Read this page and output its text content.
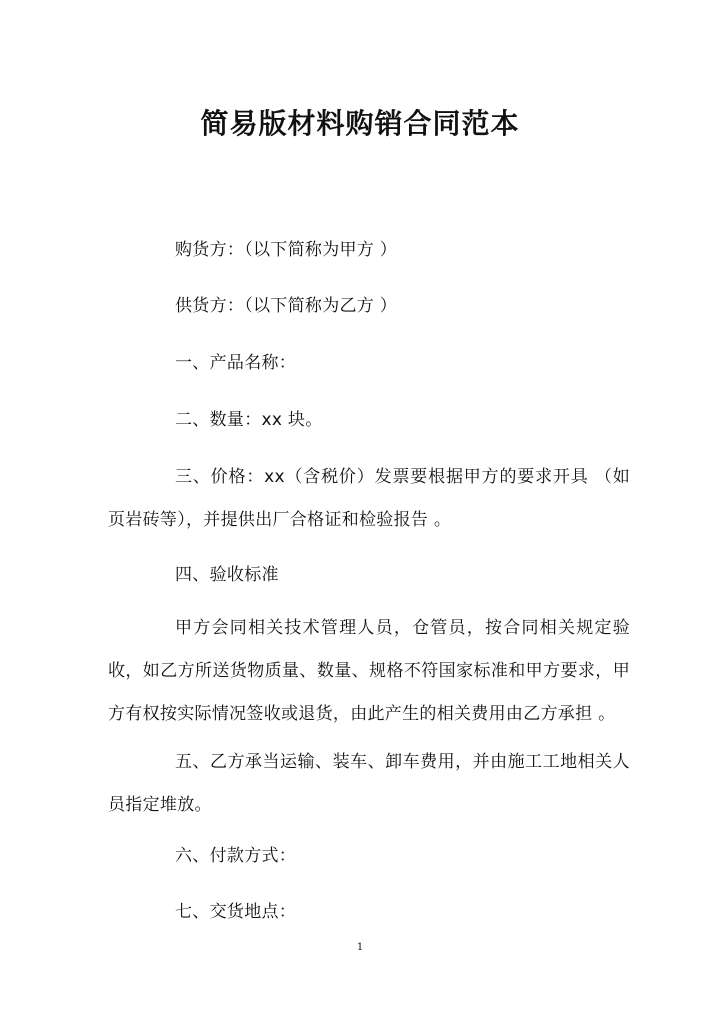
简易版材料购销合同范本

购货方：（以下简称为甲方 ）

供货方：（以下简称为乙方 ）

一、产品名称：

二、数量：xx 块。

三、价格：xx（含税价）发票要根据甲方的要求开具 （如页岩砖等），并提供出厂合格证和检验报告 。

四、验收标准

甲方会同相关技术管理人员，仓管员，按合同相关规定验收，如乙方所送货物质量、数量、规格不符国家标准和甲方要求，甲方有权按实际情况签收或退货，由此产生的相关费用由乙方承担 。

五、乙方承当运输、装车、卸车费用，并由施工工地相关人员指定堆放。

六、付款方式：

七、交货地点：

1
